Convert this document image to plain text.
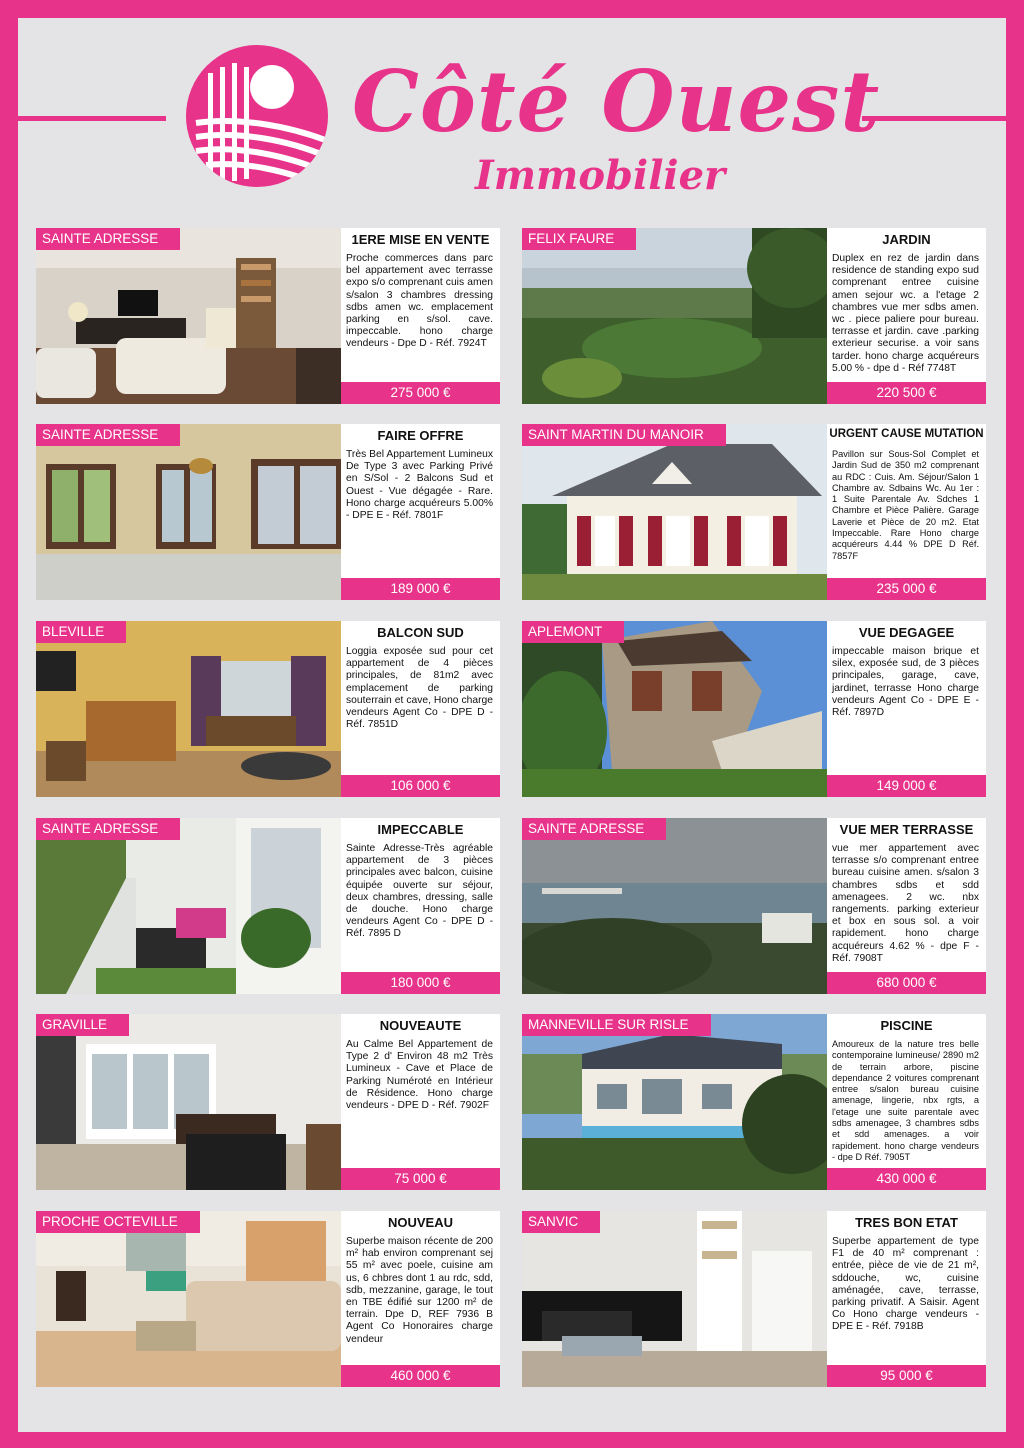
Côté Ouest
Immobilier
SAINTE ADRESSE	1ERE MISE EN VENTE
Proche commerces dans parc bel appartement avec terrasse expo s/o comprenant cuis amen s/salon 3 chambres dressing sdbs amen wc. emplacement parking en s/sol. cave. impeccable. hono charge vendeurs - Dpe D - Réf. 7924T
275 000 €
FELIX FAURE	JARDIN
Duplex en rez de jardin dans residence de standing expo sud comprenant entree cuisine amen sejour wc. a l'etage 2 chambres vue mer sdbs amen. wc . piece paliere pour bureau. terrasse et jardin. cave .parking exterieur securise. a voir sans tarder. hono charge acquéreurs 5.00 % - dpe d - Réf 7748T
220 500 €
SAINTE ADRESSE	FAIRE OFFRE
Très Bel Appartement Lumineux De Type 3 avec Parking Privé en S/Sol - 2 Balcons Sud et Ouest - Vue dégagée - Rare. Hono charge acquéreurs 5.00% - DPE E - Réf. 7801F
189 000 €
SAINT MARTIN DU MANOIR	URGENT CAUSE MUTATION
Pavillon sur Sous-Sol Complet et Jardin Sud de 350 m2 comprenant au RDC : Cuis. Am. Séjour/Salon 1 Chambre av. Sdbains Wc. Au 1er : 1 Suite Parentale Av. Sdches 1 Chambre et Pièce Palière. Garage Laverie et Pièce de 20 m2. Etat Impeccable. Rare Hono charge acquéreurs 4.44 % DPE D Réf. 7857F
235 000 €
BLEVILLE	BALCON SUD
Loggia exposée sud pour cet appartement de 4 pièces principales, de 81m2 avec emplacement de parking souterrain et cave, Hono charge vendeurs Agent Co - DPE D - Réf. 7851D
106 000 €
APLEMONT	VUE DEGAGEE
impeccable maison brique et silex, exposée sud, de 3 pièces principales, garage, cave, jardinet, terrasse Hono charge vendeurs Agent Co - DPE E - Réf. 7897D
149 000 €
SAINTE ADRESSE	IMPECCABLE
Sainte Adresse-Très agréable appartement de 3 pièces principales avec balcon, cuisine équipée ouverte sur séjour, deux chambres, dressing, salle de douche. Hono charge vendeurs Agent Co - DPE D - Réf. 7895 D
180 000 €
SAINTE ADRESSE	VUE MER TERRASSE
vue mer appartement avec terrasse s/o comprenant entree bureau cuisine amen. s/salon 3 chambres sdbs et sdd amenagees. 2 wc. nbx rangements. parking exterieur et box en sous sol. a voir rapidement. hono charge acquéreurs 4.62 % - dpe F - Réf. 7908T
680 000 €
GRAVILLE	NOUVEAUTE
Au Calme Bel Appartement de Type 2 d' Environ 48 m2 Très Lumineux - Cave et Place de Parking Numéroté en Intérieur de Résidence. Hono charge vendeurs - DPE D - Réf. 7902F
75 000 €
MANNEVILLE SUR RISLE	PISCINE
Amoureux de la nature tres belle contemporaine lumineuse/ 2890 m2 de terrain arbore, piscine dependance 2 voitures comprenant entree s/salon bureau cuisine amenage, lingerie, nbx rgts, a l'etage une suite parentale avec sdbs amenagee, 3 chambres sdbs et sdd amenages. a voir rapidement. hono charge vendeurs - dpe D Réf. 7905T
430 000 €
PROCHE OCTEVILLE	NOUVEAU
Superbe maison récente de 200 m² hab environ comprenant sej 55 m² avec poele, cuisine am us, 6 chbres dont 1 au rdc, sdd, sdb, mezzanine, garage, le tout en TBE édifié sur 1200 m² de terrain. Dpe D, REF 7936 B Agent Co Honoraires charge vendeur
460 000 €
SANVIC	TRES BON ETAT
Superbe appartement de type F1 de 40 m² comprenant : entrée, pièce de vie de 21 m², sddouche, wc, cuisine aménagée, cave, terrasse, parking privatif. A Saisir. Agent Co Hono charge vendeurs - DPE E - Réf. 7918B
95 000 €
